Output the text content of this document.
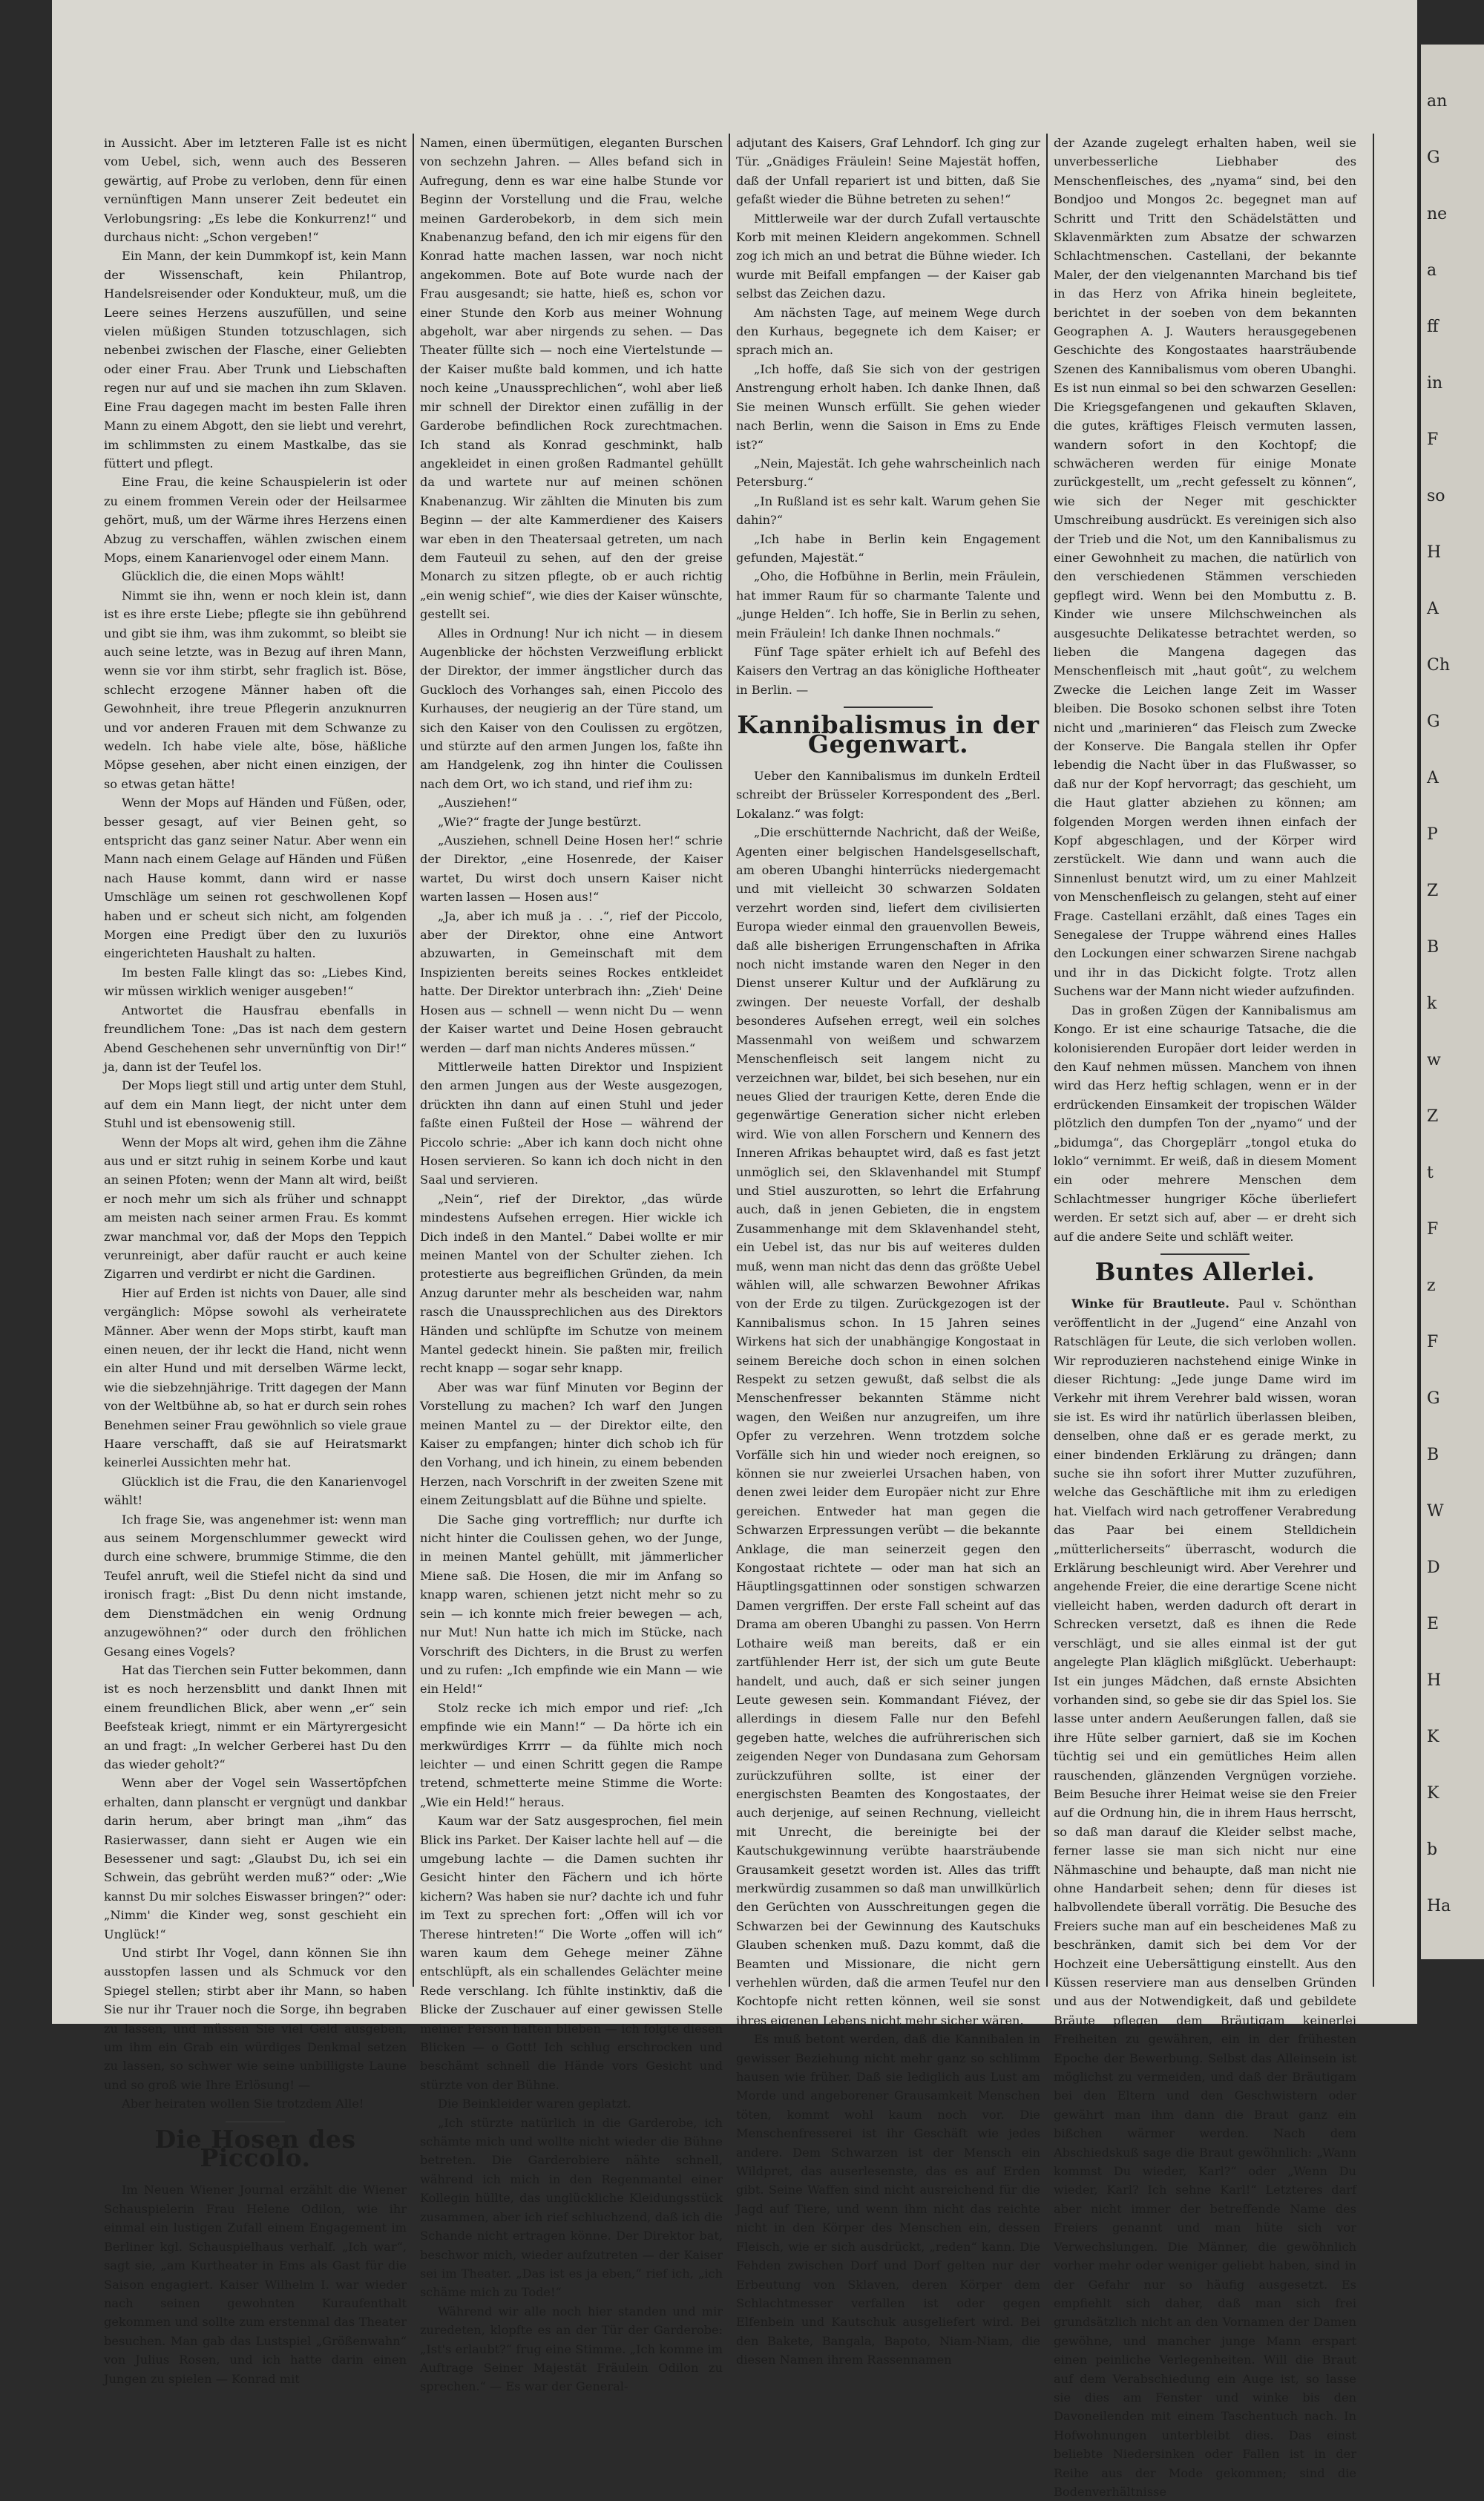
in Aussicht. Aber im letzteren Falle ist es nicht vom Uebel, sich, wenn auch des Besseren gewärtig, auf Probe zu verloben, denn für einen vernünftigen Mann unserer Zeit bedeutet ein Verlobungsring: „Es lebe die Konkurrenz!“ und durchaus nicht: „Schon vergeben!“

Ein Mann, der kein Dummkopf ist, kein Mann der Wissenschaft, kein Philantrop, Handelsreisender oder Kondukteur, muß, um die Leere seines Herzens auszufüllen, und seine vielen müßigen Stunden totzuschlagen, sich nebenbei zwischen der Flasche, einer Geliebten oder einer Frau. Aber Trunk und Liebschaften regen nur auf und sie machen ihn zum Sklaven. Eine Frau dagegen macht im besten Falle ihren Mann zu einem Abgott, den sie liebt und verehrt, im schlimmsten zu einem Mastkalbe, das sie füttert und pflegt.

Eine Frau, die keine Schauspielerin ist oder zu einem frommen Verein oder der Heilsarmee gehört, muß, um der Wärme ihres Herzens einen Abzug zu verschaffen, wählen zwischen einem Mops, einem Kanarienvogel oder einem Mann.

Glücklich die, die einen Mops wählt!

Nimmt sie ihn, wenn er noch klein ist, dann ist es ihre erste Liebe; pflegte sie ihn gebührend und gibt sie ihm, was ihm zukommt, so bleibt sie auch seine letzte, was in Bezug auf ihren Mann, wenn sie vor ihm stirbt, sehr fraglich ist. Böse, schlecht erzogene Männer haben oft die Gewohnheit, ihre treue Pflegerin anzuknurren und vor anderen Frauen mit dem Schwanze zu wedeln. Ich habe viele alte, böse, häßliche Möpse gesehen, aber nicht einen einzigen, der so etwas getan hätte!

Wenn der Mops auf Händen und Füßen, oder, besser gesagt, auf vier Beinen geht, so entspricht das ganz seiner Natur. Aber wenn ein Mann nach einem Gelage auf Händen und Füßen nach Hause kommt, dann wird er nasse Umschläge um seinen rot geschwollenen Kopf haben und er scheut sich nicht, am folgenden Morgen eine Predigt über den zu luxuriös eingerichteten Haushalt zu halten.

Im besten Falle klingt das so: „Liebes Kind, wir müssen wirklich weniger ausgeben!“

Antwortet die Hausfrau ebenfalls in freundlichem Tone: „Das ist nach dem gestern Abend Geschehenen sehr unvernünftig von Dir!“ ja, dann ist der Teufel los.

Der Mops liegt still und artig unter dem Stuhl, auf dem ein Mann liegt, der nicht unter dem Stuhl und ist ebensowenig still.

Wenn der Mops alt wird, gehen ihm die Zähne aus und er sitzt ruhig in seinem Korbe und kaut an seinen Pfoten; wenn der Mann alt wird, beißt er noch mehr um sich als früher und schnappt am meisten nach seiner armen Frau. Es kommt zwar manchmal vor, daß der Mops den Teppich verunreinigt, aber dafür raucht er auch keine Zigarren und verdirbt er nicht die Gardinen.

Hier auf Erden ist nichts von Dauer, alle sind vergänglich: Möpse sowohl als verheiratete Männer. Aber wenn der Mops stirbt, kauft man einen neuen, der ihr leckt die Hand, nicht wenn ein alter Hund und mit derselben Wärme leckt, wie die siebzehnjährige. Tritt dagegen der Mann von der Weltbühne ab, so hat er durch sein rohes Benehmen seiner Frau gewöhnlich so viele graue Haare verschafft, daß sie auf Heiratsmarkt keinerlei Aussichten mehr hat.

Glücklich ist die Frau, die den Kanarienvogel wählt!

Ich frage Sie, was angenehmer ist: wenn man aus seinem Morgenschlummer geweckt wird durch eine schwere, brummige Stimme, die den Teufel anruft, weil die Stiefel nicht da sind und ironisch fragt: „Bist Du denn nicht imstande, dem Dienstmädchen ein wenig Ordnung anzugewöhnen?“ oder durch den fröhlichen Gesang eines Vogels?

Hat das Tierchen sein Futter bekommen, dann ist es noch herzensblitt und dankt Ihnen mit einem freundlichen Blick, aber wenn „er“ sein Beefsteak kriegt, nimmt er ein Märtyrergesicht an und fragt: „In welcher Gerberei hast Du den das wieder geholt?“

Wenn aber der Vogel sein Wassertöpfchen erhalten, dann planscht er vergnügt und dankbar darin herum, aber bringt man „ihm“ das Rasierwasser, dann sieht er Augen wie ein Besessener und sagt: „Glaubst Du, ich sei ein Schwein, das gebrüht werden muß?“ oder: „Wie kannst Du mir solches Eiswasser bringen?“ oder: „Nimm' die Kinder weg, sonst geschieht ein Unglück!“

Und stirbt Ihr Vogel, dann können Sie ihn ausstopfen lassen und als Schmuck vor den Spiegel stellen; stirbt aber ihr Mann, so haben Sie nur ihr Trauer noch die Sorge, ihn begraben zu lassen, und müssen Sie viel Geld ausgeben, um ihm ein Grab ein würdiges Denkmal setzen zu lassen, so schwer wie seine unbilligste Laune und so groß wie Ihre Erlösung! —

Aber heiraten wollen Sie trotzdem Alle!

Die Hosen des Piccolo.

Im Neuen Wiener Journal erzählt die Wiener Schauspielerin Frau Helene Odilon, wie ihr einmal ein lustigen Zufall einem Engagement im Berliner kgl. Schauspielhaus verhalf. „Ich war“, sagt sie, „am Kurtheater in Ems als Gast für die Saison engagiert. Kaiser Wilhelm I. war wieder nach seinen gewohnten Kuraufenthalt gekommen und sollte zum erstenmal das Theater besuchen. Man gab das Lustspiel „Größenwahn“ von Julius Rosen, und ich hatte darin einen Jungen zu spielen — Konrad mit

Namen, einen übermütigen, eleganten Burschen von sechzehn Jahren. — Alles befand sich in Aufregung, denn es war eine halbe Stunde vor Beginn der Vorstellung und die Frau, welche meinen Garderobekorb, in dem sich mein Knabenanzug befand, den ich mir eigens für den Konrad hatte machen lassen, war noch nicht angekommen. Bote auf Bote wurde nach der Frau ausgesandt; sie hatte, hieß es, schon vor einer Stunde den Korb aus meiner Wohnung abgeholt, war aber nirgends zu sehen. — Das Theater füllte sich — noch eine Viertelstunde — der Kaiser mußte bald kommen, und ich hatte noch keine „Unaussprechlichen“, wohl aber ließ mir schnell der Direktor einen zufällig in der Garderobe befindlichen Rock zurechtmachen. Ich stand als Konrad geschminkt, halb angekleidet in einen großen Radmantel gehüllt da und wartete nur auf meinen schönen Knabenanzug. Wir zählten die Minuten bis zum Beginn — der alte Kammerdiener des Kaisers war eben in den Theatersaal getreten, um nach dem Fauteuil zu sehen, auf den der greise Monarch zu sitzen pflegte, ob er auch richtig „ein wenig schief“, wie dies der Kaiser wünschte, gestellt sei.

Alles in Ordnung! Nur ich nicht — in diesem Augenblicke der höchsten Verzweiflung erblickt der Direktor, der immer ängstlicher durch das Guckloch des Vorhanges sah, einen Piccolo des Kurhauses, der neugierig an der Türe stand, um sich den Kaiser von den Coulissen zu ergötzen, und stürzte auf den armen Jungen los, faßte ihn am Handgelenk, zog ihn hinter die Coulissen nach dem Ort, wo ich stand, und rief ihm zu:

„Ausziehen!“

„Wie?“ fragte der Junge bestürzt.

„Ausziehen, schnell Deine Hosen her!“ schrie der Direktor, „eine Hosenrede, der Kaiser wartet, Du wirst doch unsern Kaiser nicht warten lassen — Hosen aus!“

„Ja, aber ich muß ja . . .“, rief der Piccolo, aber der Direktor, ohne eine Antwort abzuwarten, in Gemeinschaft mit dem Inspizienten bereits seines Rockes entkleidet hatte. Der Direktor unterbrach ihn: „Zieh' Deine Hosen aus — schnell — wenn nicht Du — wenn der Kaiser wartet und Deine Hosen gebraucht werden — darf man nichts Anderes müssen.“

Mittlerweile hatten Direktor und Inspizient den armen Jungen aus der Weste ausgezogen, drückten ihn dann auf einen Stuhl und jeder faßte einen Fußteil der Hose — während der Piccolo schrie: „Aber ich kann doch nicht ohne Hosen servieren. So kann ich doch nicht in den Saal und servieren.

„Nein“, rief der Direktor, „das würde mindestens Aufsehen erregen. Hier wickle ich Dich indeß in den Mantel.“ Dabei wollte er mir meinen Mantel von der Schulter ziehen. Ich protestierte aus begreiflichen Gründen, da mein Anzug darunter mehr als bescheiden war, nahm rasch die Unaussprechlichen aus des Direktors Händen und schlüpfte im Schutze von meinem Mantel gedeckt hinein. Sie paßten mir, freilich recht knapp — sogar sehr knapp.

Aber was war fünf Minuten vor Beginn der Vorstellung zu machen? Ich warf den Jungen meinen Mantel zu — der Direktor eilte, den Kaiser zu empfangen; hinter dich schob ich für den Vorhang, und ich hinein, zu einem bebenden Herzen, nach Vorschrift in der zweiten Szene mit einem Zeitungsblatt auf die Bühne und spielte.

Die Sache ging vortrefflich; nur durfte ich nicht hinter die Coulissen gehen, wo der Junge, in meinen Mantel gehüllt, mit jämmerlicher Miene saß. Die Hosen, die mir im Anfang so knapp waren, schienen jetzt nicht mehr so zu sein — ich konnte mich freier bewegen — ach, nur Mut! Nun hatte ich mich im Stücke, nach Vorschrift des Dichters, in die Brust zu werfen und zu rufen: „Ich empfinde wie ein Mann — wie ein Held!“

Stolz recke ich mich empor und rief: „Ich empfinde wie ein Mann!“ — Da hörte ich ein merkwürdiges Krrrr — da fühlte mich noch leichter — und einen Schritt gegen die Rampe tretend, schmetterte meine Stimme die Worte: „Wie ein Held!“ heraus.

Kaum war der Satz ausgesprochen, fiel mein Blick ins Parket. Der Kaiser lachte hell auf — die umgebung lachte — die Damen suchten ihr Gesicht hinter den Fächern und ich hörte kichern? Was haben sie nur? dachte ich und fuhr im Text zu sprechen fort: „Offen will ich vor Therese hintreten!“ Die Worte „offen will ich“ waren kaum dem Gehege meiner Zähne entschlüpft, als ein schallendes Gelächter meine Rede verschlang. Ich fühlte instinktiv, daß die Blicke der Zuschauer auf einer gewissen Stelle meiner Person haften blieben — ich folgte diesen Blicken — o Gott! Ich schlug erschrocken und beschämt schnell die Hände vors Gesicht und stürzte von der Bühne.

Die Beinkleider waren geplatzt.

„Ich stürzte natürlich in die Garderobe, ich schämte mich und wollte nicht wieder die Bühne betreten. Die Garderobiere nähte schnell, während ich mich in den Regenmantel einer Kollegin hüllte, das unglückliche Kleidungsstück zusammen, aber ich rief schluchzend, daß ich die Schande nicht ertragen könne. Der Direktor bat, beschwor mich, wieder aufzutreten — der Kaiser sei im Theater. „Das ist es ja eben,“ rief ich, „ich schäme mich zu Tode!“

Während wir alle noch hier standen und mir zuredeten, klopfte es an der Tür der Garderobe: „Ist's erlaubt?“ frug eine Stimme. „Ich komme im Auftrage Seiner Majestät Fräulein Odilon zu sprechen.“ — Es war der General-

adjutant des Kaisers, Graf Lehndorf. Ich ging zur Tür. „Gnädiges Fräulein! Seine Majestät hoffen, daß der Unfall repariert ist und bitten, daß Sie gefaßt wieder die Bühne betreten zu sehen!“

Mittlerweile war der durch Zufall vertauschte Korb mit meinen Kleidern angekommen. Schnell zog ich mich an und betrat die Bühne wieder. Ich wurde mit Beifall empfangen — der Kaiser gab selbst das Zeichen dazu.

Am nächsten Tage, auf meinem Wege durch den Kurhaus, begegnete ich dem Kaiser; er sprach mich an.

„Ich hoffe, daß Sie sich von der gestrigen Anstrengung erholt haben. Ich danke Ihnen, daß Sie meinen Wunsch erfüllt. Sie gehen wieder nach Berlin, wenn die Saison in Ems zu Ende ist?“

„Nein, Majestät. Ich gehe wahrscheinlich nach Petersburg.“

„In Rußland ist es sehr kalt. Warum gehen Sie dahin?“

„Ich habe in Berlin kein Engagement gefunden, Majestät.“

„Oho, die Hofbühne in Berlin, mein Fräulein, hat immer Raum für so charmante Talente und „junge Helden“. Ich hoffe, Sie in Berlin zu sehen, mein Fräulein! Ich danke Ihnen nochmals.“

Fünf Tage später erhielt ich auf Befehl des Kaisers den Vertrag an das königliche Hoftheater in Berlin. —

Kannibalismus in der Gegenwart.

Ueber den Kannibalismus im dunkeln Erdteil schreibt der Brüsseler Korrespondent des „Berl. Lokalanz.“ was folgt:

„Die erschütternde Nachricht, daß der Weiße, Agenten einer belgischen Handelsgesellschaft, am oberen Ubanghi hinterrücks niedergemacht und mit vielleicht 30 schwarzen Soldaten verzehrt worden sind, liefert dem civilisierten Europa wieder einmal den grauenvollen Beweis, daß alle bisherigen Errungenschaften in Afrika noch nicht imstande waren den Neger in den Dienst unserer Kultur und der Aufklärung zu zwingen. Der neueste Vorfall, der deshalb besonderes Aufsehen erregt, weil ein solches Massenmahl von weißem und schwarzem Menschenfleisch seit langem nicht zu verzeichnen war, bildet, bei sich besehen, nur ein neues Glied der traurigen Kette, deren Ende die gegenwärtige Generation sicher nicht erleben wird. Wie von allen Forschern und Kennern des Inneren Afrikas behauptet wird, daß es fast jetzt unmöglich sei, den Sklavenhandel mit Stumpf und Stiel auszurotten, so lehrt die Erfahrung auch, daß in jenen Gebieten, die in engstem Zusammenhange mit dem Sklavenhandel steht, ein Uebel ist, das nur bis auf weiteres dulden muß, wenn man nicht das denn das größte Uebel wählen will, alle schwarzen Bewohner Afrikas von der Erde zu tilgen. Zurückgezogen ist der Kannibalismus schon. In 15 Jahren seines Wirkens hat sich der unabhängige Kongostaat in seinem Bereiche doch schon in einen solchen Respekt zu setzen gewußt, daß selbst die als Menschenfresser bekannten Stämme nicht wagen, den Weißen nur anzugreifen, um ihre Opfer zu verzehren. Wenn trotzdem solche Vorfälle sich hin und wieder noch ereignen, so können sie nur zweierlei Ursachen haben, von denen zwei leider dem Europäer nicht zur Ehre gereichen. Entweder hat man gegen die Schwarzen Erpressungen verübt — die bekannte Anklage, die man seinerzeit gegen den Kongostaat richtete — oder man hat sich an Häuptlingsgattinnen oder sonstigen schwarzen Damen vergriffen. Der erste Fall scheint auf das Drama am oberen Ubanghi zu passen. Von Herrn Lothaire weiß man bereits, daß er ein zartfühlender Herr ist, der sich um gute Beute handelt, und auch, daß er sich seiner jungen Leute gewesen sein. Kommandant Fiévez, der allerdings in diesem Falle nur den Befehl gegeben hatte, welches die aufrührerischen sich zeigenden Neger von Dundasana zum Gehorsam zurückzuführen sollte, ist einer der energischsten Beamten des Kongostaates, der auch derjenige, auf seinen Rechnung, vielleicht mit Unrecht, die bereinigte bei der Kautschukgewinnung verübte haarsträubende Grausamkeit gesetzt worden ist. Alles das trifft merkwürdig zusammen so daß man unwillkürlich den Gerüchten von Ausschreitungen gegen die Schwarzen bei der Gewinnung des Kautschuks Glauben schenken muß. Dazu kommt, daß die Beamten und Missionare, die nicht gern verhehlen würden, daß die armen Teufel nur den Kochtopfe nicht retten können, weil sie sonst ihres eigenen Lebens nicht mehr sicher wären.

Es muß betont werden, daß die Kannibalen in gewisser Beziehung nicht mehr ganz so schlimm hausen wie früher. Daß sie lediglich aus Lust am Morde und angeborener Grausamkeit Menschen töten, kommt wohl kaum noch vor. Die Menschenfresserei ist ihr Geschäft wie jedes andere. Dem Schwarzen ist der Mensch ein Wildpret, das auserlesenste, das es auf Erden gibt. Seine Waffen sind nicht ausreichend für die Jagd auf Tiere, und wenn ihm nicht das reichte nicht in den Körper des Menschen ein, dessen Fleisch, wie er sich ausdrückt, „reden“ kann. Die Fehden zwischen Dorf und Dorf gelten nur der Erbeutung von Sklaven, deren Körper dem Schlachtmesser verfallen ist oder gegen Elfenbein und Kautschuk ausgeliefert wird. Bei den Bakete, Bangala, Bapoto, Niam-Niam, die diesen Namen ihrem Rassennamen

der Azande zugelegt erhalten haben, weil sie unverbesserliche Liebhaber des Menschenfleisches, des „nyama“ sind, bei den Bondjoo und Mongos 2c. begegnet man auf Schritt und Tritt den Schädelstätten und Sklavenmärkten zum Absatze der schwarzen Schlachtmenschen. Castellani, der bekannte Maler, der den vielgenannten Marchand bis tief in das Herz von Afrika hinein begleitete, berichtet in der soeben von dem bekannten Geographen A. J. Wauters herausgegebenen Geschichte des Kongostaates haarsträubende Szenen des Kannibalismus vom oberen Ubanghi. Es ist nun einmal so bei den schwarzen Gesellen: Die Kriegsgefangenen und gekauften Sklaven, die gutes, kräftiges Fleisch vermuten lassen, wandern sofort in den Kochtopf; die schwächeren werden für einige Monate zurückgestellt, um „recht gefesselt zu können“, wie sich der Neger mit geschickter Umschreibung ausdrückt. Es vereinigen sich also der Trieb und die Not, um den Kannibalismus zu einer Gewohnheit zu machen, die natürlich von den verschiedenen Stämmen verschieden gepflegt wird. Wenn bei den Mombuttu z. B. Kinder wie unsere Milchschweinchen als ausgesuchte Delikatesse betrachtet werden, so lieben die Mangena dagegen das Menschenfleisch mit „haut goût“, zu welchem Zwecke die Leichen lange Zeit im Wasser bleiben. Die Bosoko schonen selbst ihre Toten nicht und „marinieren“ das Fleisch zum Zwecke der Konserve. Die Bangala stellen ihr Opfer lebendig die Nacht über in das Flußwasser, so daß nur der Kopf hervorragt; das geschieht, um die Haut glatter abziehen zu können; am folgenden Morgen werden ihnen einfach der Kopf abgeschlagen, und der Körper wird zerstückelt. Wie dann und wann auch die Sinnenlust benutzt wird, um zu einer Mahlzeit von Menschenfleisch zu gelangen, steht auf einer Frage. Castellani erzählt, daß eines Tages ein Senegalese der Truppe während eines Halles den Lockungen einer schwarzen Sirene nachgab und ihr in das Dickicht folgte. Trotz allen Suchens war der Mann nicht wieder aufzufinden.

Das in großen Zügen der Kannibalismus am Kongo. Er ist eine schaurige Tatsache, die die kolonisierenden Europäer dort leider werden in den Kauf nehmen müssen. Manchem von ihnen wird das Herz heftig schlagen, wenn er in der erdrückenden Einsamkeit der tropischen Wälder plötzlich den dumpfen Ton der „nyamo“ und der „bidumga“, das Chorgeplärr „tongol etuka do loklo“ vernimmt. Er weiß, daß in diesem Moment ein oder mehrere Menschen dem Schlachtmesser hungriger Köche überliefert werden. Er setzt sich auf, aber — er dreht sich auf die andere Seite und schläft weiter.

Buntes Allerlei.

Winke für Brautleute. Paul v. Schönthan veröffentlicht in der „Jugend“ eine Anzahl von Ratschlägen für Leute, die sich verloben wollen. Wir reproduzieren nachstehend einige Winke in dieser Richtung: „Jede junge Dame wird im Verkehr mit ihrem Verehrer bald wissen, woran sie ist. Es wird ihr natürlich überlassen bleiben, denselben, ohne daß er es gerade merkt, zu einer bindenden Erklärung zu drängen; dann suche sie ihn sofort ihrer Mutter zuzuführen, welche das Geschäftliche mit ihm zu erledigen hat. Vielfach wird nach getroffener Verabredung das Paar bei einem Stelldichein „mütterlicherseits“ überrascht, wodurch die Erklärung beschleunigt wird. Aber Verehrer und angehende Freier, die eine derartige Scene nicht vielleicht haben, werden dadurch oft derart in Schrecken versetzt, daß es ihnen die Rede verschlägt, und sie alles einmal ist der gut angelegte Plan kläglich mißglückt. Ueberhaupt: Ist ein junges Mädchen, daß ernste Absichten vorhanden sind, so gebe sie dir das Spiel los. Sie lasse unter andern Aeußerungen fallen, daß sie ihre Hüte selber garniert, daß sie im Kochen tüchtig sei und ein gemütliches Heim allen rauschenden, glänzenden Vergnügen vorziehe. Beim Besuche ihrer Heimat weise sie den Freier auf die Ordnung hin, die in ihrem Haus herrscht, so daß man darauf die Kleider selbst mache, ferner lasse sie man sich nicht nur eine Nähmaschine und behaupte, daß man nicht nie ohne Handarbeit sehen; denn für dieses ist halbvollendete überall vorrätig. Die Besuche des Freiers suche man auf ein bescheidenes Maß zu beschränken, damit sich bei dem Vor der Hochzeit eine Uebersättigung einstellt. Aus den Küssen reserviere man aus denselben Gründen und aus der Notwendigkeit, daß und gebildete Bräute pflegen dem Bräutigam keinerlei Freiheiten zu gewähren, ein in der frühesten Epoche der Bewerbung. Selbst das Alleinsein ist möglichst zu vermeiden, und daß der Bräutigam bei den Eltern und den Geschwistern oder gewährt man ihm dann die Braut ganz ein bißchen wärmer werden. Nach dem Abschiedskuß sage die Braut gewöhnlich: „Wann kommst Du wieder, Karl?“ oder „Wenn Du wieder, Karl? Ich sehne Karl!“ Letzteres darf aber nicht immer der betreffende Name des Freiers genannt und man hüte sich vor Verwechslungen. Die Männer, die gewöhnlich vorher mehr oder weniger geliebt haben, sind in der Gefahr nur so häufig ausgesetzt. Es empfiehlt sich daher, daß man sich frei grundsätzlich nicht an den Vornamen der Damen gewöhne, und mancher junge Mann erspart einen peinliche Verlegenheiten. Will die Braut auf dem Verabschiedung ein Auge ist, so lasse sie dies am Fenster und winke bis den Davoneilenden mit einem Taschentuch nach. In Hofwohnungen unterbleibt dies. Das einst beliebte Niedersinken oder Fallen ist in der Reihe aus der Mode gekommen; sind die Bodenverhältnisse

an
G
ne
a
ff
in
F
so
H
A
Ch
G
A
P
Z
B
k
w
Z
t
F
z
F
G
B
W
D
E
H
K
K
b
Ha
